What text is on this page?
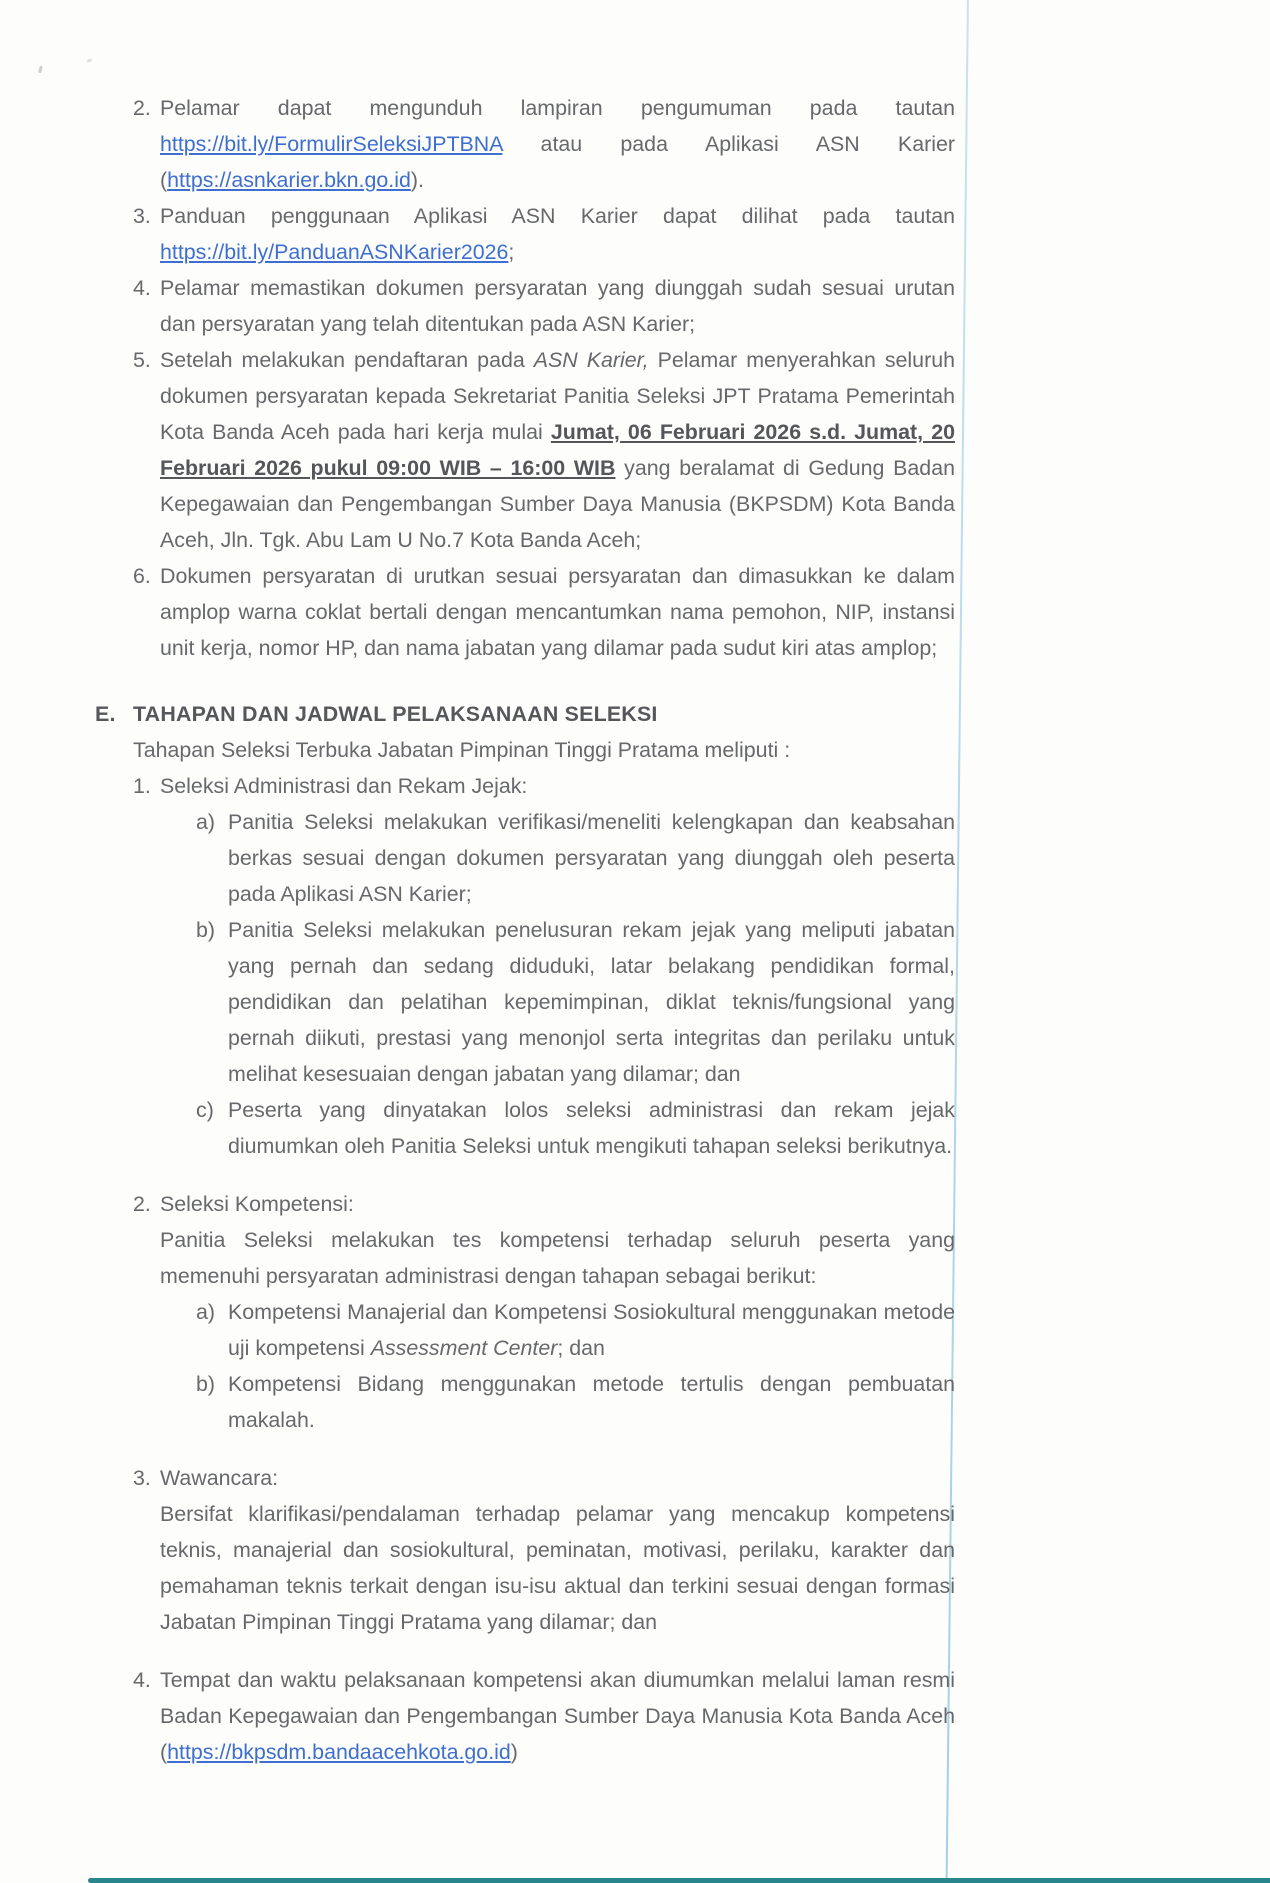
2. Pelamar dapat mengunduh lampiran pengumuman pada tautan https://bit.ly/FormulirSeleksiJPTBNA atau pada Aplikasi ASN Karier (https://asnkarier.bkn.go.id).
3. Panduan penggunaan Aplikasi ASN Karier dapat dilihat pada tautan https://bit.ly/PanduanASNKarier2026;
4. Pelamar memastikan dokumen persyaratan yang diunggah sudah sesuai urutan dan persyaratan yang telah ditentukan pada ASN Karier;
5. Setelah melakukan pendaftaran pada ASN Karier, Pelamar menyerahkan seluruh dokumen persyaratan kepada Sekretariat Panitia Seleksi JPT Pratama Pemerintah Kota Banda Aceh pada hari kerja mulai Jumat, 06 Februari 2026 s.d. Jumat, 20 Februari 2026 pukul 09:00 WIB – 16:00 WIB yang beralamat di Gedung Badan Kepegawaian dan Pengembangan Sumber Daya Manusia (BKPSDM) Kota Banda Aceh, Jln. Tgk. Abu Lam U No.7 Kota Banda Aceh;
6. Dokumen persyaratan di urutkan sesuai persyaratan dan dimasukkan ke dalam amplop warna coklat bertali dengan mencantumkan nama pemohon, NIP, instansi unit kerja, nomor HP, dan nama jabatan yang dilamar pada sudut kiri atas amplop;
E. TAHAPAN DAN JADWAL PELAKSANAAN SELEKSI
Tahapan Seleksi Terbuka Jabatan Pimpinan Tinggi Pratama meliputi :
1. Seleksi Administrasi dan Rekam Jejak:
a) Panitia Seleksi melakukan verifikasi/meneliti kelengkapan dan keabsahan berkas sesuai dengan dokumen persyaratan yang diunggah oleh peserta pada Aplikasi ASN Karier;
b) Panitia Seleksi melakukan penelusuran rekam jejak yang meliputi jabatan yang pernah dan sedang diduduki, latar belakang pendidikan formal, pendidikan dan pelatihan kepemimpinan, diklat teknis/fungsional yang pernah diikuti, prestasi yang menonjol serta integritas dan perilaku untuk melihat kesesuaian dengan jabatan yang dilamar; dan
c) Peserta yang dinyatakan lolos seleksi administrasi dan rekam jejak diumumkan oleh Panitia Seleksi untuk mengikuti tahapan seleksi berikutnya.
2. Seleksi Kompetensi:
Panitia Seleksi melakukan tes kompetensi terhadap seluruh peserta yang memenuhi persyaratan administrasi dengan tahapan sebagai berikut:
a) Kompetensi Manajerial dan Kompetensi Sosiokultural menggunakan metode uji kompetensi Assessment Center; dan
b) Kompetensi Bidang menggunakan metode tertulis dengan pembuatan makalah.
3. Wawancara:
Bersifat klarifikasi/pendalaman terhadap pelamar yang mencakup kompetensi teknis, manajerial dan sosiokultural, peminatan, motivasi, perilaku, karakter dan pemahaman teknis terkait dengan isu-isu aktual dan terkini sesuai dengan formasi Jabatan Pimpinan Tinggi Pratama yang dilamar; dan
4. Tempat dan waktu pelaksanaan kompetensi akan diumumkan melalui laman resmi Badan Kepegawaian dan Pengembangan Sumber Daya Manusia Kota Banda Aceh (https://bkpsdm.bandaacehkota.go.id)
